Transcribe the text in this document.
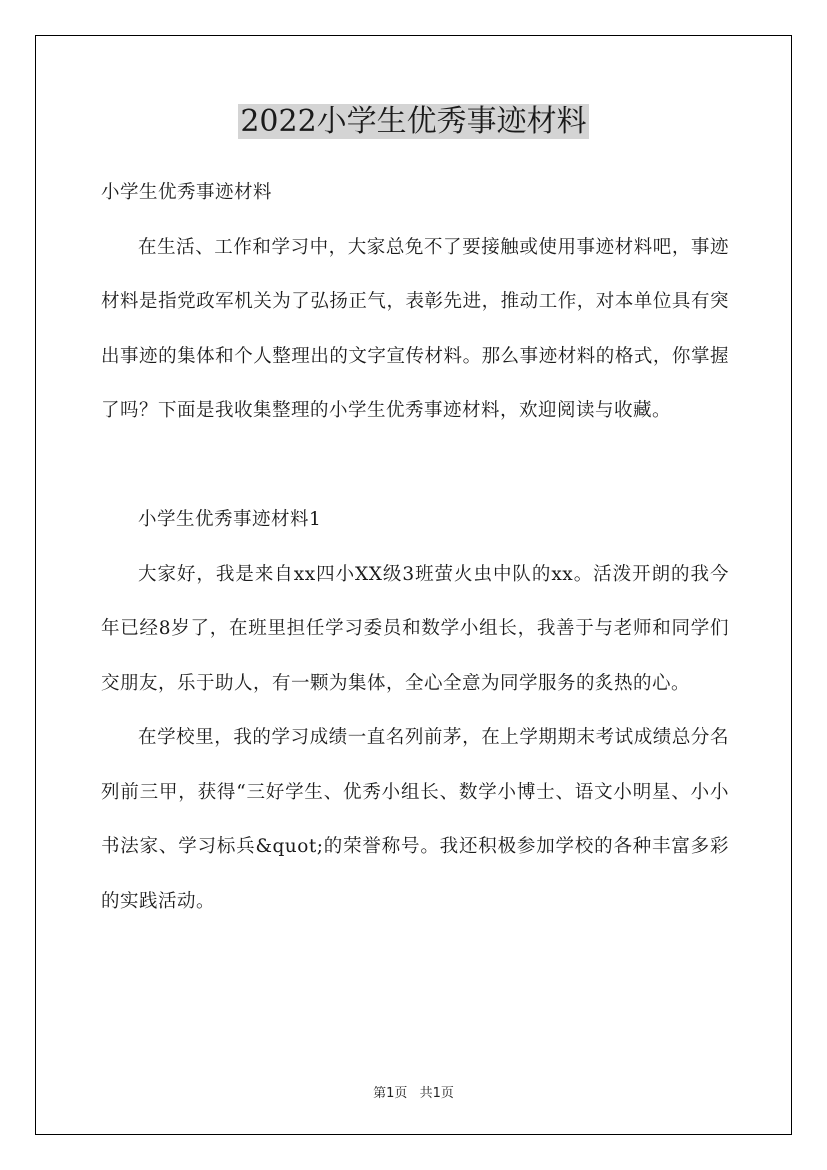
2022小学生优秀事迹材料

小学生优秀事迹材料

在生活、工作和学习中，大家总免不了要接触或使用事迹材料吧，事迹材料是指党政军机关为了弘扬正气，表彰先进，推动工作，对本单位具有突出事迹的集体和个人整理出的文字宣传材料。那么事迹材料的格式，你掌握了吗？下面是我收集整理的小学生优秀事迹材料，欢迎阅读与收藏。

小学生优秀事迹材料1

大家好，我是来自xx四小XX级3班萤火虫中队的xx。活泼开朗的我今年已经8岁了，在班里担任学习委员和数学小组长，我善于与老师和同学们交朋友，乐于助人，有一颗为集体，全心全意为同学服务的炙热的心。

在学校里，我的学习成绩一直名列前茅，在上学期期末考试成绩总分名列前三甲，获得“三好学生、优秀小组长、数学小博士、语文小明星、小小书法家、学习标兵&quot;的荣誉称号。我还积极参加学校的各种丰富多彩的实践活动。

第1页 共1页
